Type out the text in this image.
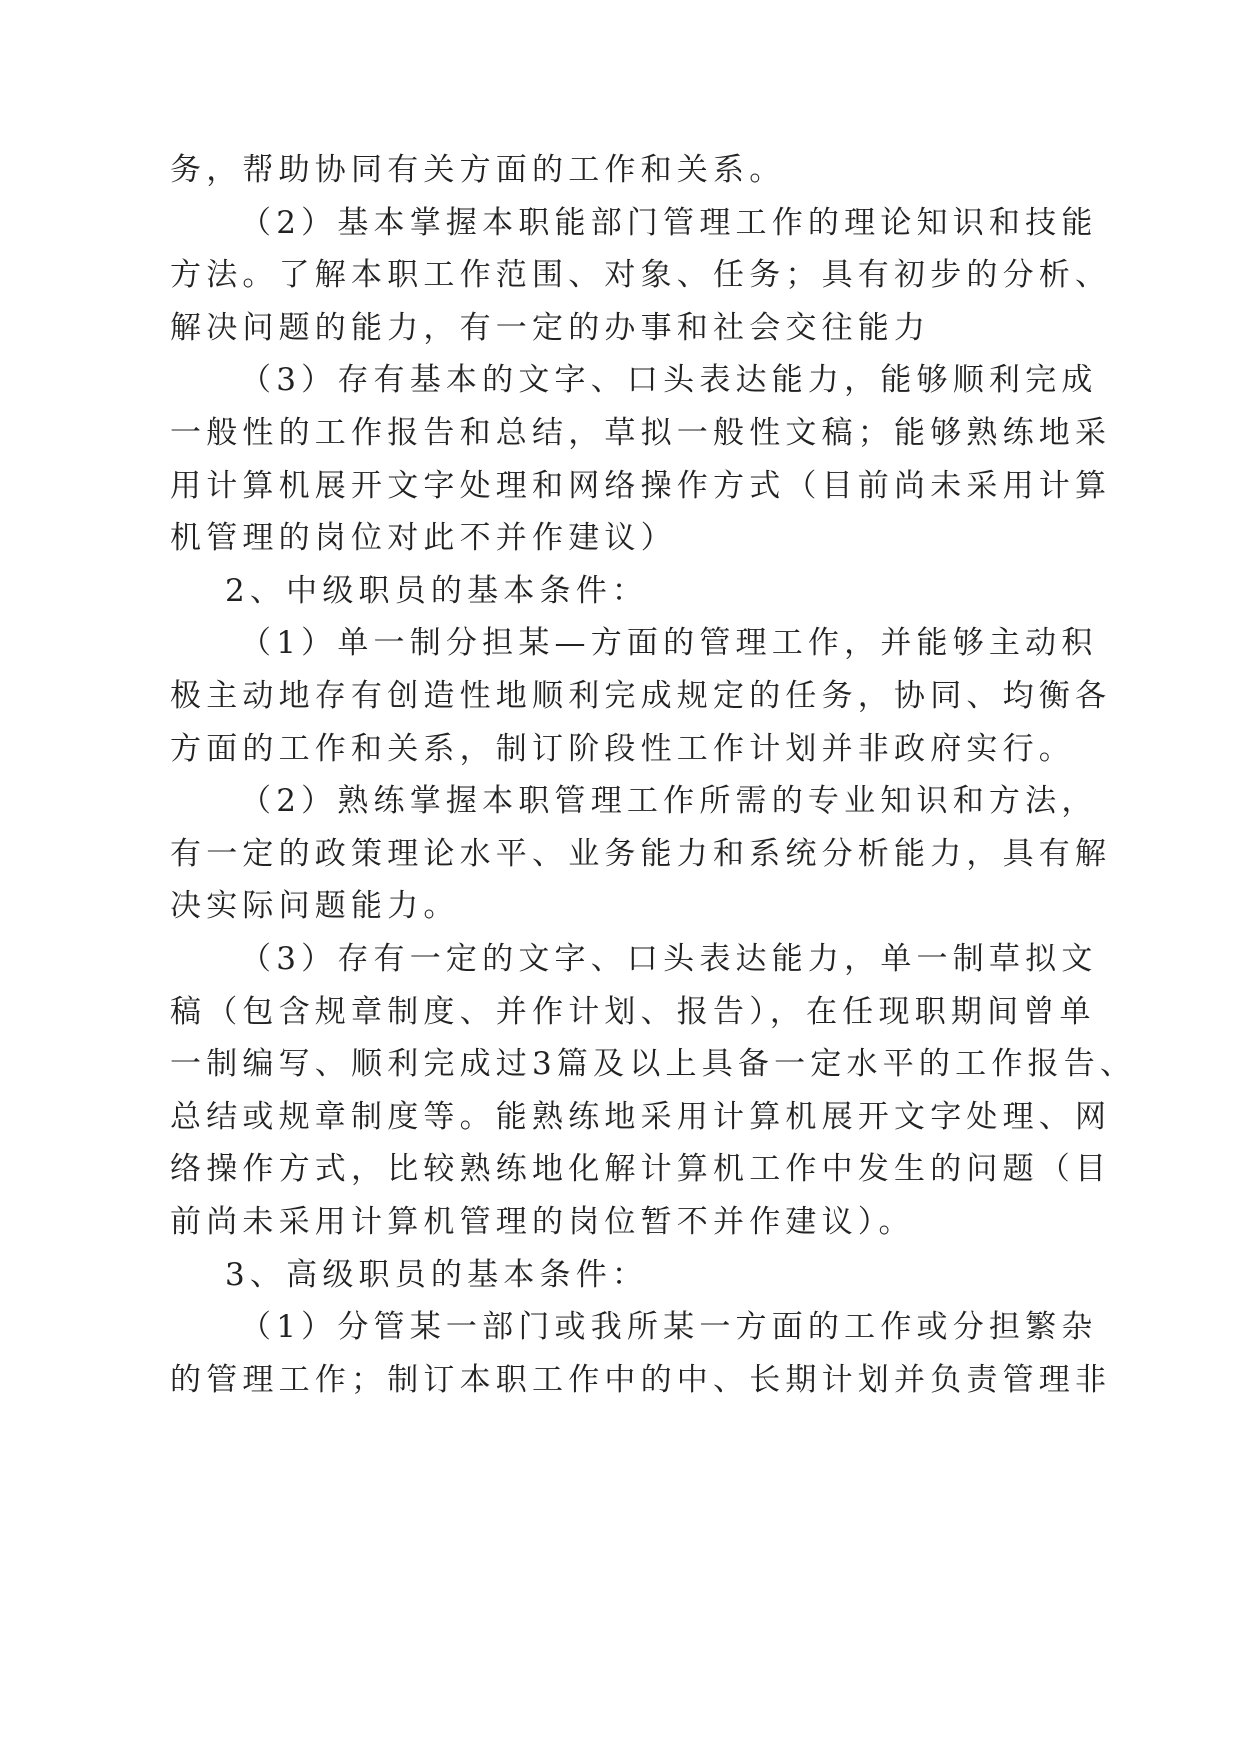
务，帮助协同有关方面的工作和关系。
（2）基本掌握本职能部门管理工作的理论知识和技能
方法。了解本职工作范围、对象、任务；具有初步的分析、
解决问题的能力，有一定的办事和社会交往能力
（3）存有基本的文字、口头表达能力，能够顺利完成
一般性的工作报告和总结，草拟一般性文稿；能够熟练地采
用计算机展开文字处理和网络操作方式（目前尚未采用计算
机管理的岗位对此不并作建议）
2、中级职员的基本条件：
（1）单一制分担某—方面的管理工作，并能够主动积
极主动地存有创造性地顺利完成规定的任务，协同、均衡各
方面的工作和关系，制订阶段性工作计划并非政府实行。
（2）熟练掌握本职管理工作所需的专业知识和方法，
有一定的政策理论水平、业务能力和系统分析能力，具有解
决实际问题能力。
（3）存有一定的文字、口头表达能力，单一制草拟文
稿（包含规章制度、并作计划、报告），在任现职期间曾单
一制编写、顺利完成过3篇及以上具备一定水平的工作报告、
总结或规章制度等。能熟练地采用计算机展开文字处理、网
络操作方式，比较熟练地化解计算机工作中发生的问题（目
前尚未采用计算机管理的岗位暂不并作建议）。
3、高级职员的基本条件：
（1）分管某一部门或我所某一方面的工作或分担繁杂
的管理工作；制订本职工作中的中、长期计划并负责管理非
